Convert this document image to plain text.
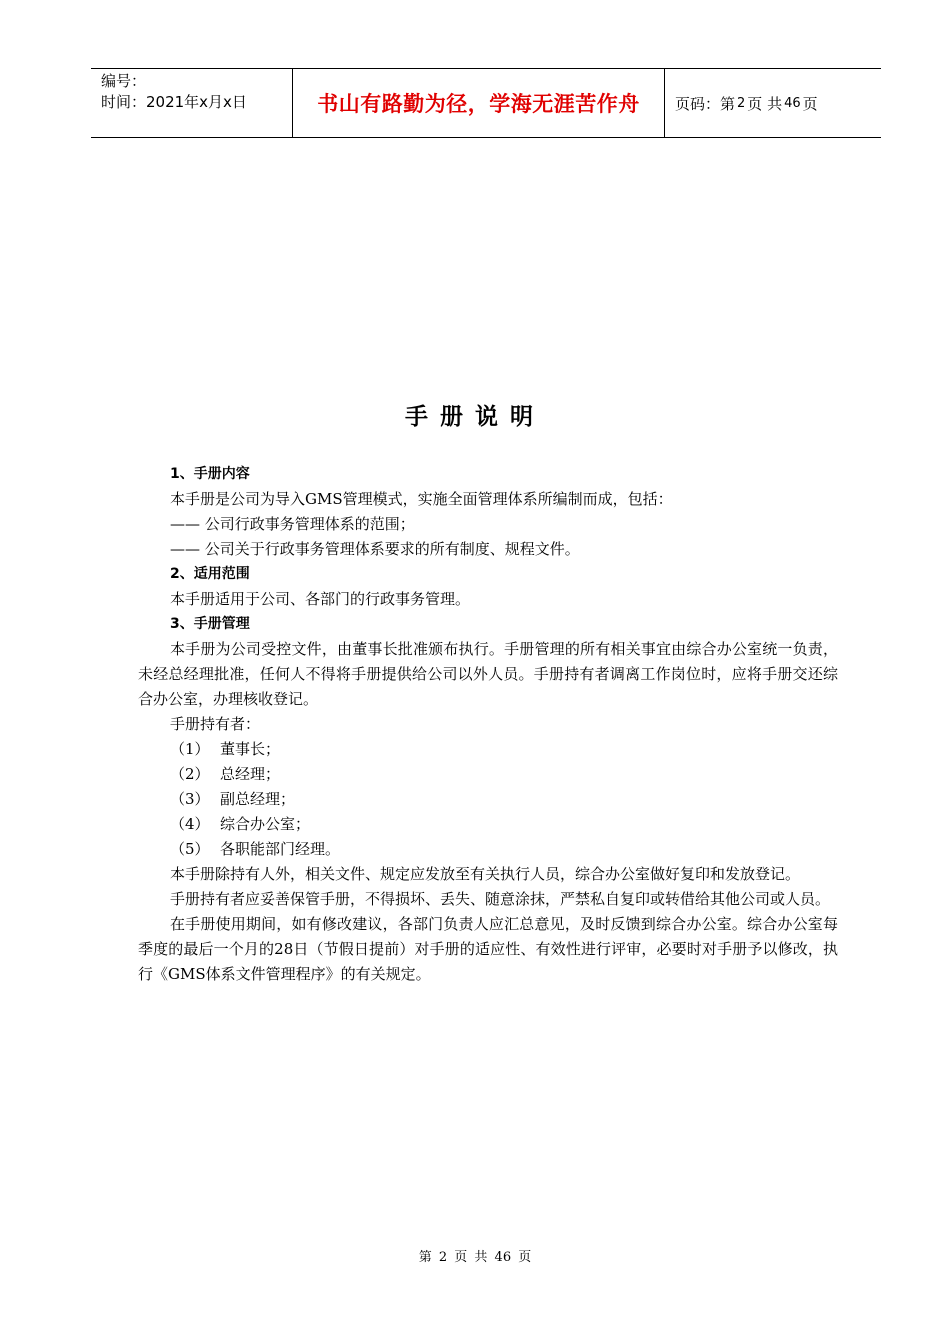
编号：
时间：2021年x月x日	书山有路勤为径，学海无涯苦作舟	页码：第 2 页 共 46 页
手册说明

1、手册内容

本手册是公司为导入GMS管理模式，实施全面管理体系所编制而成，包括：

—— 公司行政事务管理体系的范围；

—— 公司关于行政事务管理体系要求的所有制度、规程文件。

2、适用范围

本手册适用于公司、各部门的行政事务管理。

3、手册管理

本手册为公司受控文件，由董事长批准颁布执行。手册管理的所有相关事宜由综合办公室统一负责，未经总经理批准，任何人不得将手册提供给公司以外人员。手册持有者调离工作岗位时，应将手册交还综合办公室，办理核收登记。

手册持有者：

（1） 董事长；

（2） 总经理；

（3） 副总经理；

（4） 综合办公室；

（5） 各职能部门经理。

本手册除持有人外，相关文件、规定应发放至有关执行人员，综合办公室做好复印和发放登记。

手册持有者应妥善保管手册，不得损坏、丢失、随意涂抹，严禁私自复印或转借给其他公司或人员。

在手册使用期间，如有修改建议，各部门负责人应汇总意见，及时反馈到综合办公室。综合办公室每季度的最后一个月的28日（节假日提前）对手册的适应性、有效性进行评审，必要时对手册予以修改，执行《GMS体系文件管理程序》的有关规定。

第 2 页 共 46 页
